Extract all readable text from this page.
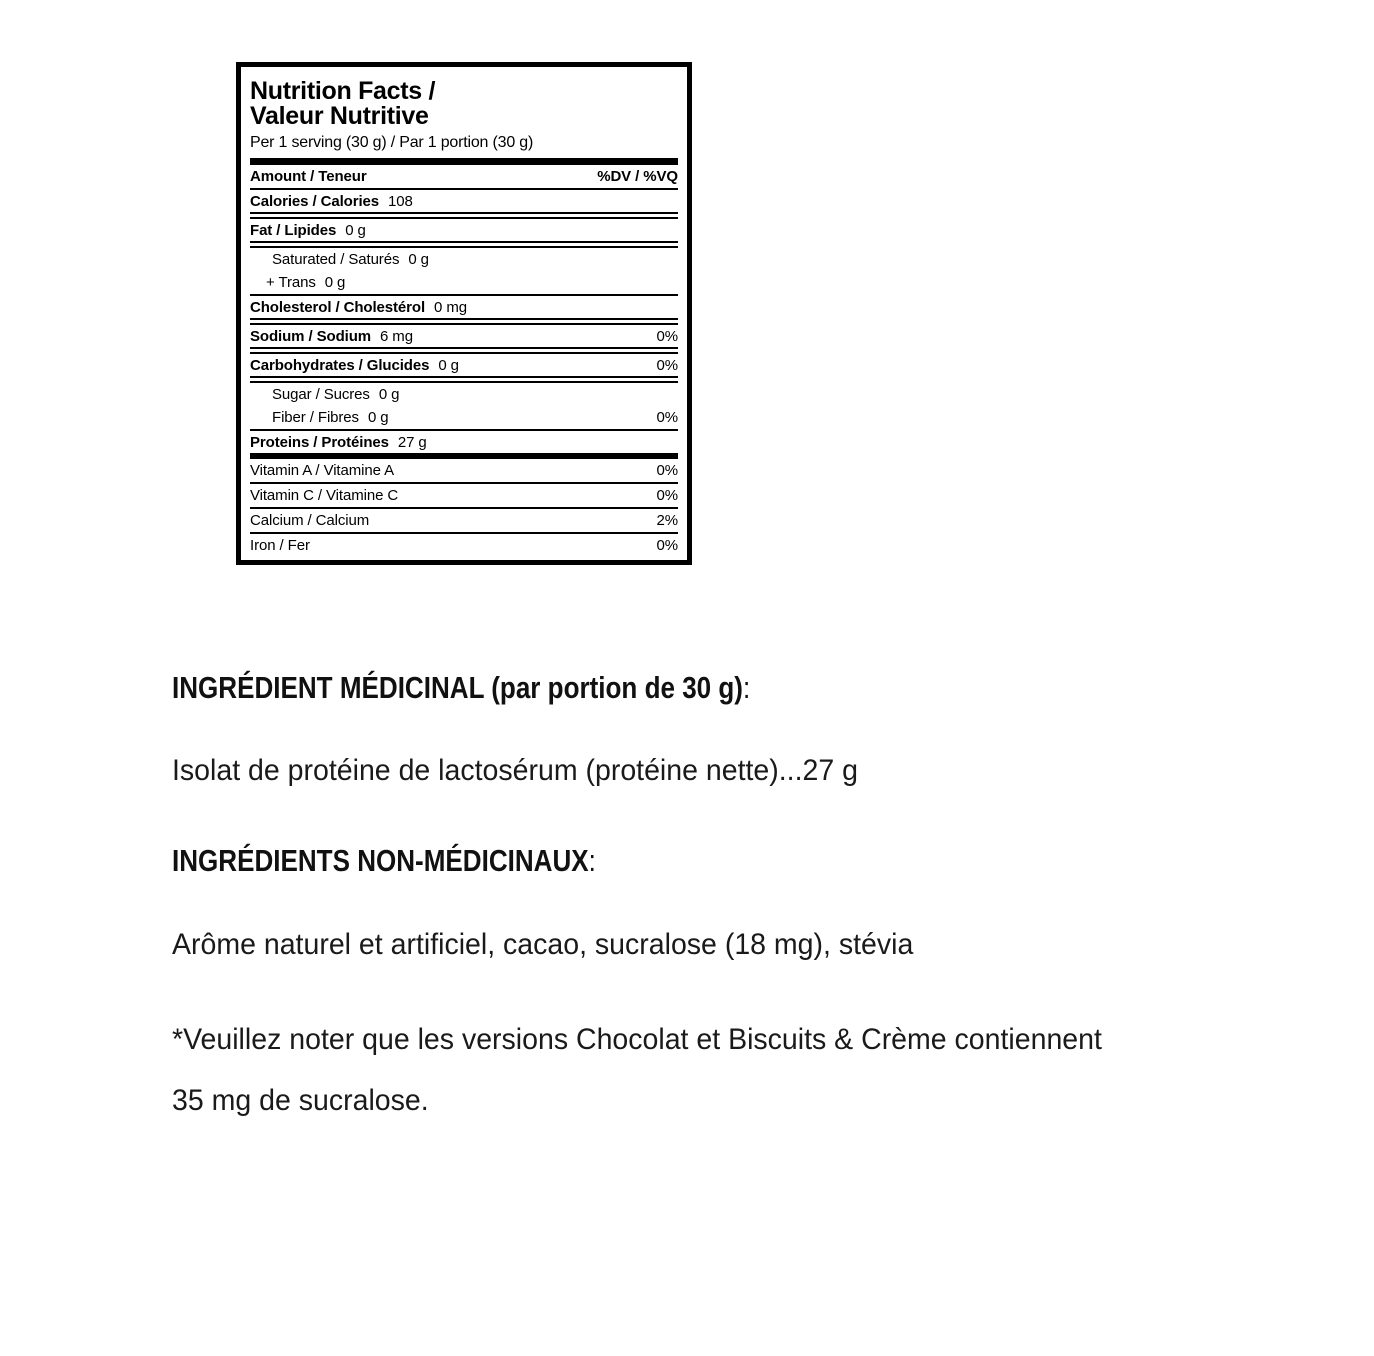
Nutrition Facts /
Valeur Nutritive
Per 1 serving (30 g) / Par 1 portion (30 g)
Amount / Teneur	%DV / %VQ
Calories / Calories 108
Fat / Lipides 0 g
Saturated / Saturés 0 g
+ Trans 0 g
Cholesterol / Cholestérol 0 mg
Sodium / Sodium 6 mg	0%
Carbohydrates / Glucides 0 g	0%
Sugar / Sucres 0 g
Fiber / Fibres 0 g	0%
Proteins / Protéines 27 g
Vitamin A / Vitamine A	0%
Vitamin C / Vitamine C	0%
Calcium / Calcium	2%
Iron / Fer	0%
INGRÉDIENT MÉDICINAL (par portion de 30 g):
Isolat de protéine de lactosérum (protéine nette)...27 g
INGRÉDIENTS NON-MÉDICINAUX:
Arôme naturel et artificiel, cacao, sucralose (18 mg), stévia
*Veuillez noter que les versions Chocolat et Biscuits & Crème contiennent
35 mg de sucralose.
